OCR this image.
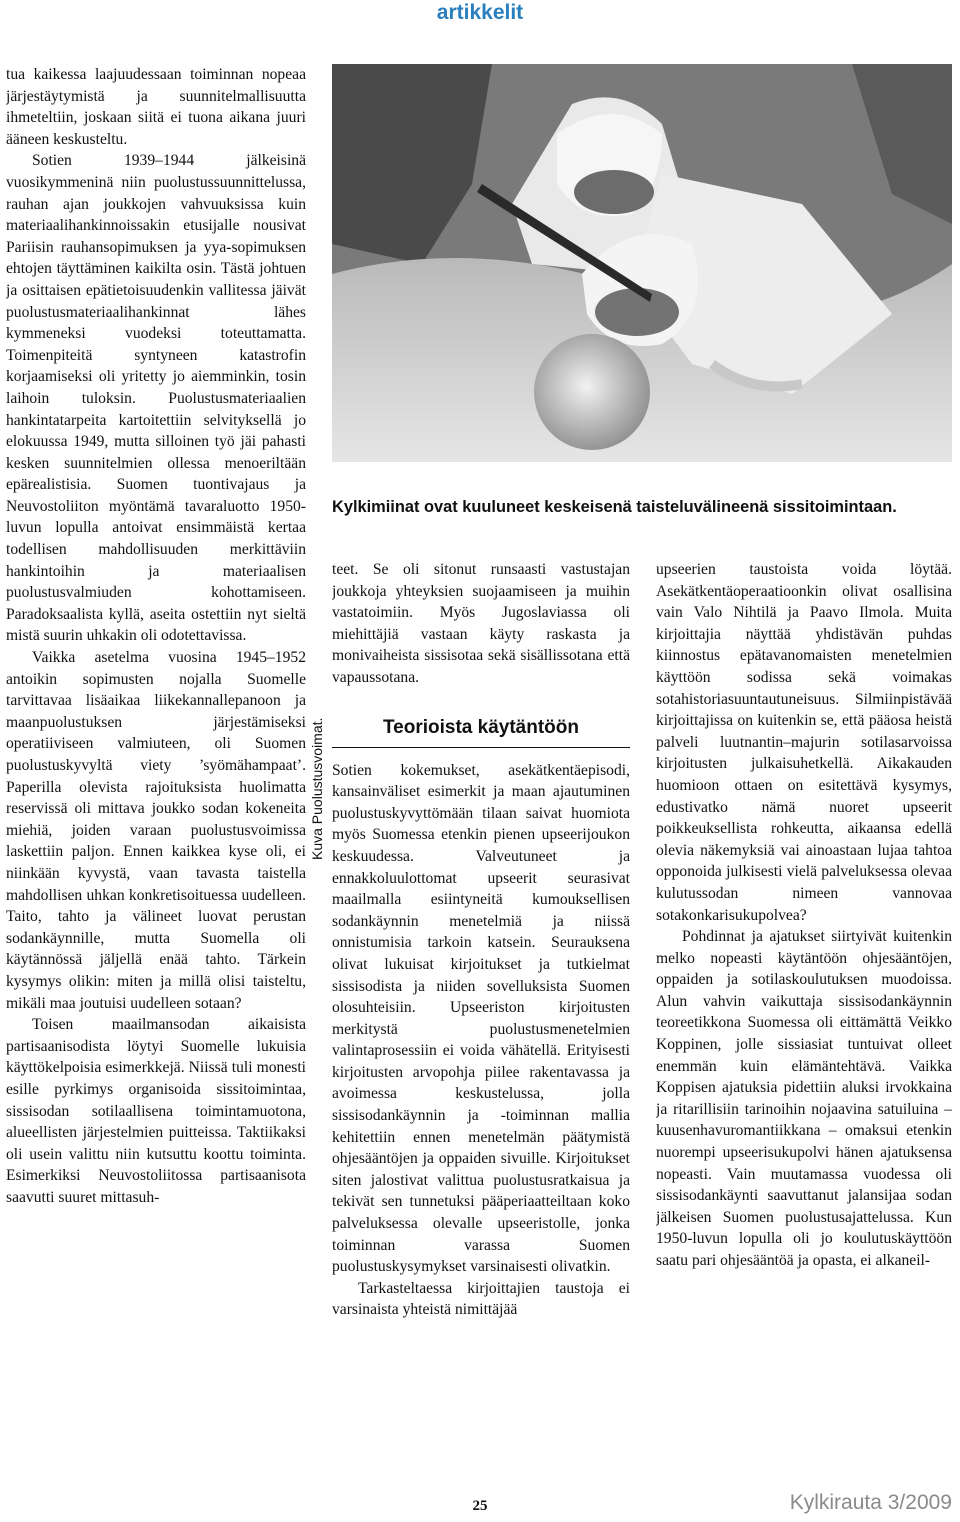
artikkelit

tua kaikessa laajuudessaan toiminnan nopeaa järjestäytymistä ja suunnitelmallisuutta ihmeteltiin, joskaan siitä ei tuona aikana juuri ääneen keskusteltu.

Sotien 1939–1944 jälkeisinä vuosikymmeninä niin puolustussuunnittelussa, rauhan ajan joukkojen vahvuuksissa kuin materiaalihankinnoissakin etusijalle nousivat Pariisin rauhansopimuksen ja yya-sopimuksen ehtojen täyttäminen kaikilta osin. Tästä johtuen ja osittaisen epätietoisuudenkin vallitessa jäivät puolustusmateriaalihankinnat lähes kymmeneksi vuodeksi toteuttamatta. Toimenpiteitä syntyneen katastrofin korjaamiseksi oli yritetty jo aiemminkin, tosin laihoin tuloksin. Puolustusmateriaalien hankintatarpeita kartoitettiin selvityksellä jo elokuussa 1949, mutta silloinen työ jäi pahasti kesken suunnitelmien ollessa menoeriltään epärealistisia. Suomen tuontivajaus ja Neuvostoliiton myöntämä tavaraluotto 1950-luvun lopulla antoivat ensimmäistä kertaa todellisen mahdollisuuden merkittäviin hankintoihin ja materiaalisen puolustusvalmiuden kohottamiseen. Paradoksaalista kyllä, aseita ostettiin nyt sieltä mistä suurin uhkakin oli odotettavissa.

Vaikka asetelma vuosina 1945–1952 antoikin sopimusten nojalla Suomelle tarvittavaa lisäaikaa liikekannallepanoon ja maanpuolustuksen järjestämiseksi operatiiviseen valmiuteen, oli Suomen puolustuskyvyltä viety ’syömähampaat’. Paperilla olevista rajoituksista huolimatta reservissä oli mittava joukko sodan kokeneita miehiä, joiden varaan puolustusvoimissa laskettiin paljon. Ennen kaikkea kyse oli, ei niinkään kyvystä, vaan tavasta taistella mahdollisen uhkan konkretisoituessa uudelleen. Taito, tahto ja välineet luovat perustan sodankäynnille, mutta Suomella oli käytännössä jäljellä enää tahto. Tärkein kysymys olikin: miten ja millä olisi taisteltu, mikäli maa joutuisi uudelleen sotaan?

Toisen maailmansodan aikaisista partisaanisodista löytyi Suomelle lukuisia käyttökelpoisia esimerkkejä. Niissä tuli monesti esille pyrkimys organisoida sissitoimintaa, sissisodan sotilaallisena toimintamuotona, alueellisten järjestelmien puitteissa. Taktiikaksi oli usein valittu niin kutsuttu koottu toiminta. Esimerkiksi Neuvostoliitossa partisaanisota saavutti suuret mittasuh-

Kuva Puolustusvoimat.
Kylkimiinat ovat kuuluneet keskeisenä taisteluvälineenä sissitoimintaan.

teet. Se oli sitonut runsaasti vastustajan joukkoja yhteyksien suojaamiseen ja muihin vastatoimiin. Myös Jugoslaviassa oli miehittäjiä vastaan käyty raskasta ja monivaiheista sissisotaa sekä sisällissotana että vapaussotana.

Teorioista käytäntöön

Sotien kokemukset, asekätkentäepisodi, kansainväliset esimerkit ja maan ajautuminen puolustuskyvyttömään tilaan saivat huomiota myös Suomessa etenkin pienen upseerijoukon keskuudessa. Valveutuneet ja ennakkoluulottomat upseerit seurasivat maailmalla esiintyneitä kumouksellisen sodankäynnin menetelmiä ja niissä onnistumisia tarkoin katsein. Seurauksena olivat lukuisat kirjoitukset ja tutkielmat sissisodista ja niiden sovelluksista Suomen olosuhteisiin. Upseeriston kirjoitusten merkitystä puolustusmenetelmien valintaprosessiin ei voida vähätellä. Erityisesti kirjoitusten arvopohja piilee rakentavassa ja avoimessa keskustelussa, jolla sissisodankäynnin ja -toiminnan mallia kehitettiin ennen menetelmän päätymistä ohjesääntöjen ja oppaiden sivuille. Kirjoitukset siten jalostivat valittua puolustusratkaisua ja tekivät sen tunnetuksi pääperiaatteiltaan koko palveluksessa olevalle upseeristolle, jonka toiminnan varassa Suomen puolustuskysymykset varsinaisesti olivatkin.

Tarkasteltaessa kirjoittajien taustoja ei varsinaista yhteistä nimittäjää

upseerien taustoista voida löytää. Asekätkentäoperaatioonkin olivat osallisina vain Valo Nihtilä ja Paavo Ilmola. Muita kirjoittajia näyttää yhdistävän puhdas kiinnostus epätavanomaisten menetelmien käyttöön sodissa sekä voimakas sotahistoriasuuntautuneisuus. Silmiinpistävää kirjoittajissa on kuitenkin se, että pääosa heistä palveli luutnantin–majurin sotilasarvoissa kirjoitusten julkaisuhetkellä. Aikakauden huomioon ottaen on esitettävä kysymys, edustivatko nämä nuoret upseerit poikkeuksellista rohkeutta, aikaansa edellä olevia näkemyksiä vai ainoastaan lujaa tahtoa opponoida julkisesti vielä palveluksessa olevaa kulutussodan nimeen vannovaa sotakonkarisukupolvea?

Pohdinnat ja ajatukset siirtyivät kuitenkin melko nopeasti käytäntöön ohjesääntöjen, oppaiden ja sotilaskoulutuksen muodoissa. Alun vahvin vaikuttaja sissisodankäynnin teoreetikkona Suomessa oli eittämättä Veikko Koppinen, jolle sissiasiat tuntuivat olleet enemmän kuin elämäntehtävä. Vaikka Koppisen ajatuksia pidettiin aluksi irvokkaina ja ritarillisiin tarinoihin nojaavina satuiluina – kuusenhavuromantiikkana – omaksui etenkin nuorempi upseerisukupolvi hänen ajatuksensa nopeasti. Vain muutamassa vuodessa oli sissisodankäynti saavuttanut jalansijaa sodan jälkeisen Suomen puolustusajattelussa. Kun 1950-luvun lopulla oli jo koulutuskäyttöön saatu pari ohjesääntöä ja opasta, ei alkaneil-

25	Kylkirauta 3/2009
